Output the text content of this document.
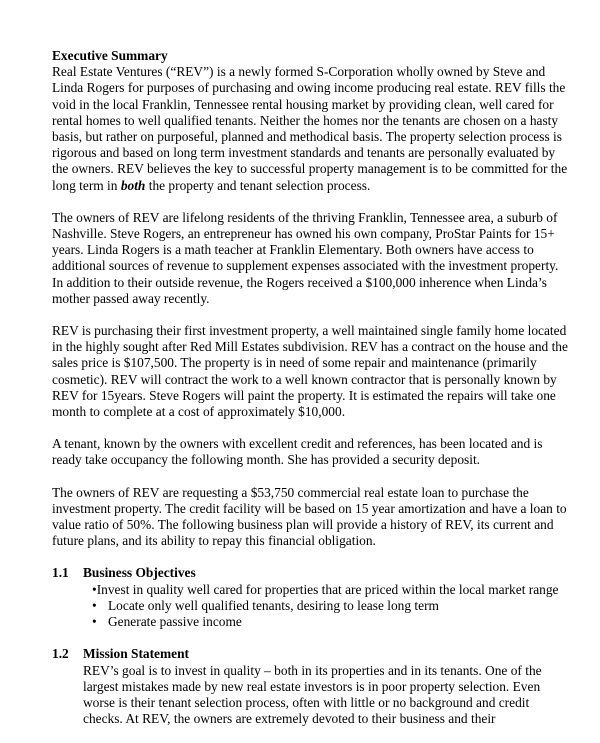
Executive Summary

Real Estate Ventures (“REV”) is a newly formed S-Corporation wholly owned by Steve and
Linda Rogers for purposes of purchasing and owing income producing real estate. REV fills the
void in the local Franklin, Tennessee rental housing market by providing clean, well cared for
rental homes to well qualified tenants. Neither the homes nor the tenants are chosen on a hasty
basis, but rather on purposeful, planned and methodical basis. The property selection process is
rigorous and based on long term investment standards and tenants are personally evaluated by
the owners. REV believes the key to successful property management is to be committed for the
long term in both the property and tenant selection process.

The owners of REV are lifelong residents of the thriving Franklin, Tennessee area, a suburb of
Nashville. Steve Rogers, an entrepreneur has owned his own company, ProStar Paints for 15+
years. Linda Rogers is a math teacher at Franklin Elementary. Both owners have access to
additional sources of revenue to supplement expenses associated with the investment property.
In addition to their outside revenue, the Rogers received a $100,000 inherence when Linda’s
mother passed away recently.

REV is purchasing their first investment property, a well maintained single family home located
in the highly sought after Red Mill Estates subdivision. REV has a contract on the house and the
sales price is $107,500. The property is in need of some repair and maintenance (primarily
cosmetic). REV will contract the work to a well known contractor that is personally known by
REV for 15years. Steve Rogers will paint the property. It is estimated the repairs will take one
month to complete at a cost of approximately $10,000.

A tenant, known by the owners with excellent credit and references, has been located and is
ready take occupancy the following month. She has provided a security deposit.

The owners of REV are requesting a $53,750 commercial real estate loan to purchase the
investment property. The credit facility will be based on 15 year amortization and have a loan to
value ratio of 50%. The following business plan will provide a history of REV, its current and
future plans, and its ability to repay this financial obligation.

1.1	Business Objectives
• Invest in quality well cared for properties that are priced within the local market range
• Locate only well qualified tenants, desiring to lease long term
• Generate passive income
1.2	Mission Statement

REV’s goal is to invest in quality – both in its properties and in its tenants. One of the
largest mistakes made by new real estate investors is in poor property selection. Even
worse is their tenant selection process, often with little or no background and credit
checks. At REV, the owners are extremely devoted to their business and their
